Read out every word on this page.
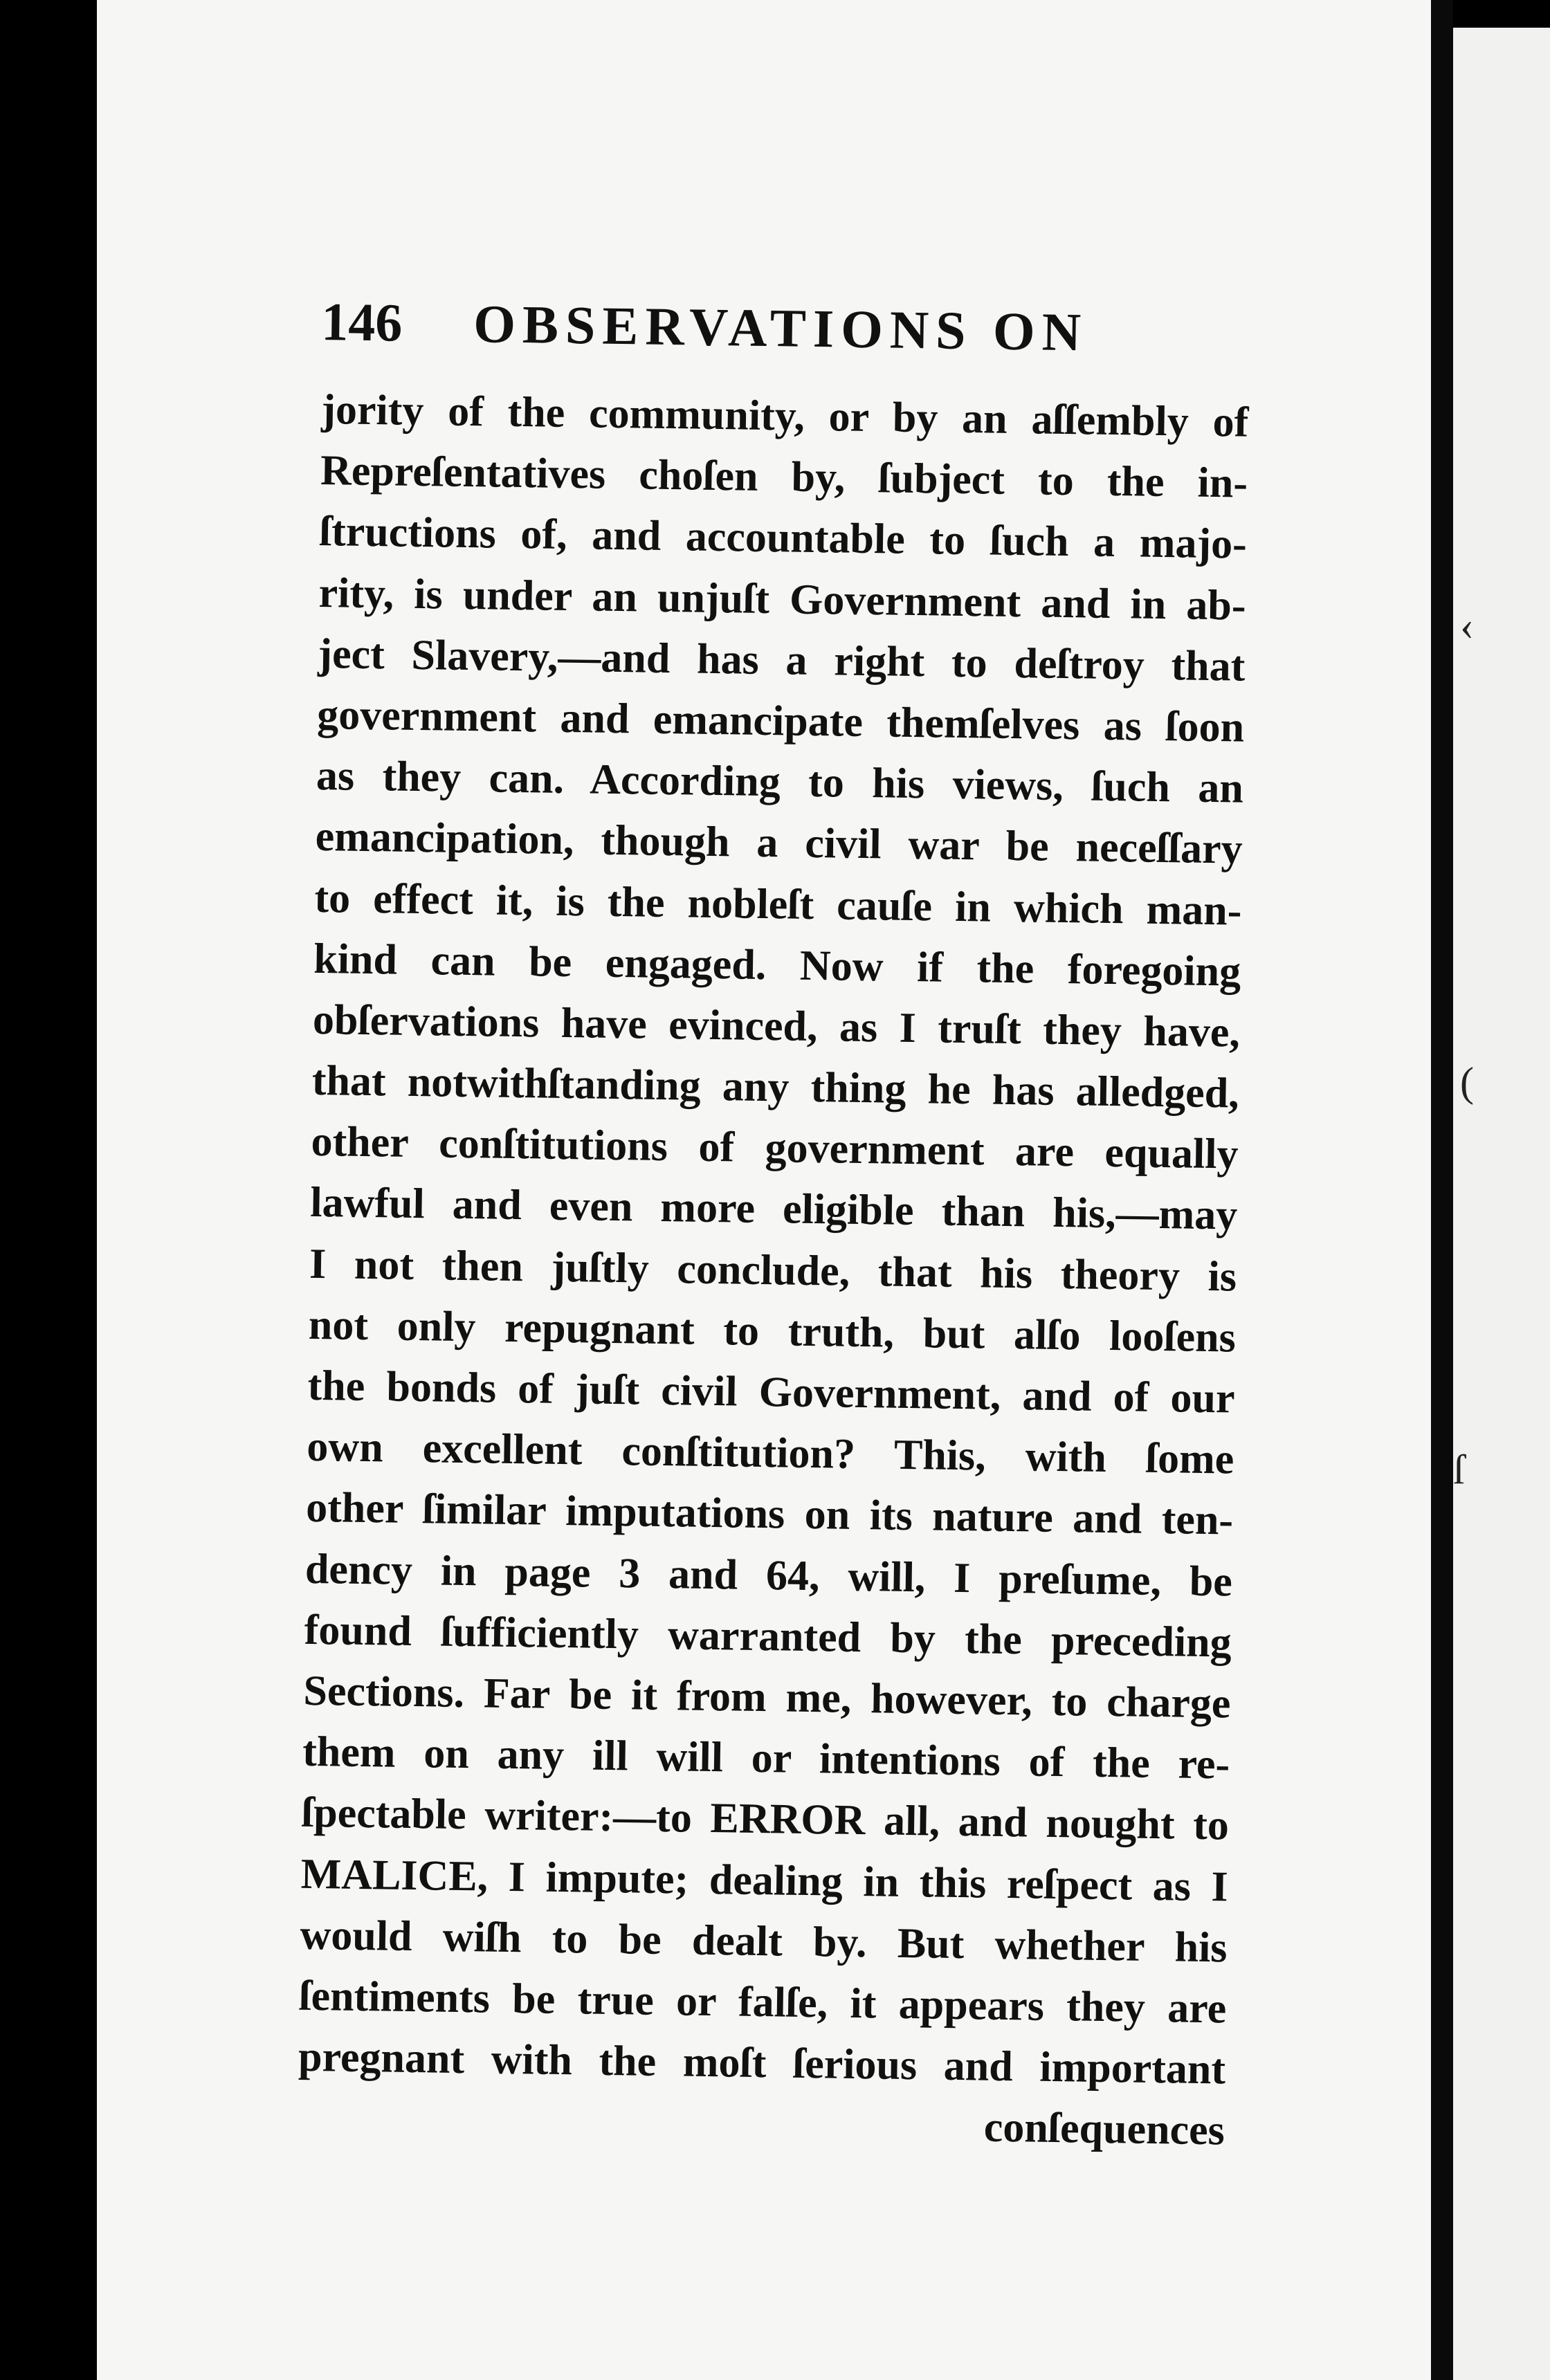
146 OBSERVATIONS ON
jority of the community, or by an aſſembly of
Repreſentatives choſen by, ſubject to the in-
ſtructions of, and accountable to ſuch a majo-
rity, is under an unjuſt Government and in ab-
ject Slavery,—and has a right to deſtroy that
government and emancipate themſelves as ſoon
as they can. According to his views, ſuch an
emancipation, though a civil war be neceſſary
to effect it, is the nobleſt cauſe in which man-
kind can be engaged. Now if the foregoing
obſervations have evinced, as I truſt they have,
that notwithſtanding any thing he has alledged,
other conſtitutions of government are equally
lawful and even more eligible than his,—may
I not then juſtly conclude, that his theory is
not only repugnant to truth, but alſo looſens
the bonds of juſt civil Government, and of our
own excellent conſtitution? This, with ſome
other ſimilar imputations on its nature and ten-
dency in page 3 and 64, will, I preſume, be
found ſufficiently warranted by the preceding
Sections. Far be it from me, however, to charge
them on any ill will or intentions of the re-
ſpectable writer:—to ERROR all, and nought to
MALICE, I impute; dealing in this reſpect as I
would wiſh to be dealt by. But whether his
ſentiments be true or falſe, it appears they are
pregnant with the moſt ſerious and important
conſequences
‹
(
ſ
